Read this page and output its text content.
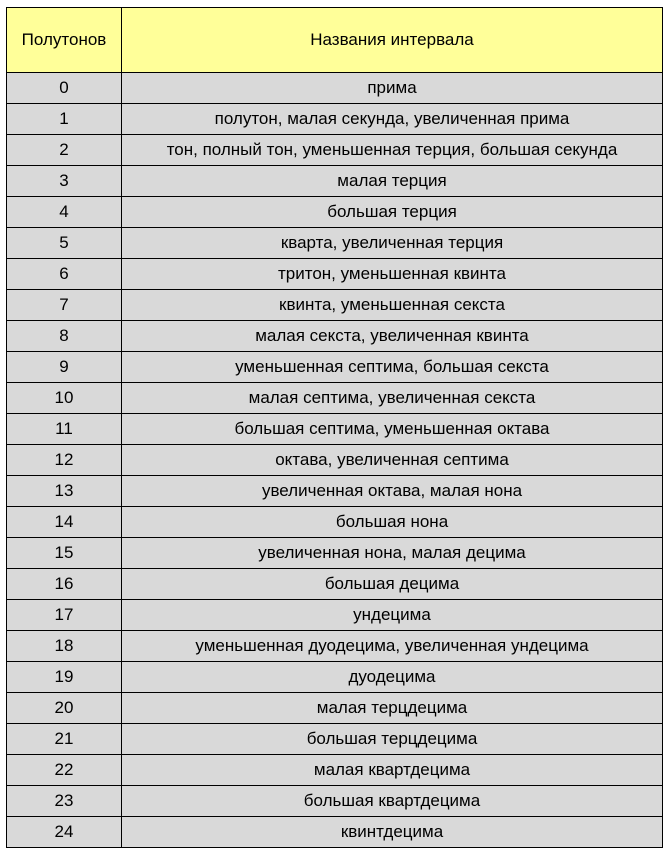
Полутонов	Названия интервала
0	прима
1	полутон, малая секунда, увеличенная прима
2	тон, полный тон, уменьшенная терция, большая секунда
3	малая терция
4	большая терция
5	кварта, увеличенная терция
6	тритон, уменьшенная квинта
7	квинта, уменьшенная секста
8	малая секста, увеличенная квинта
9	уменьшенная септима, большая секста
10	малая септима, увеличенная секста
11	большая септима, уменьшенная октава
12	октава, увеличенная септима
13	увеличенная октава, малая нона
14	большая нона
15	увеличенная нона, малая децима
16	большая децима
17	ундецима
18	уменьшенная дуодецима, увеличенная ундецима
19	дуодецима
20	малая терцдецима
21	большая терцдецима
22	малая квартдецима
23	большая квартдецима
24	квинтдецима
